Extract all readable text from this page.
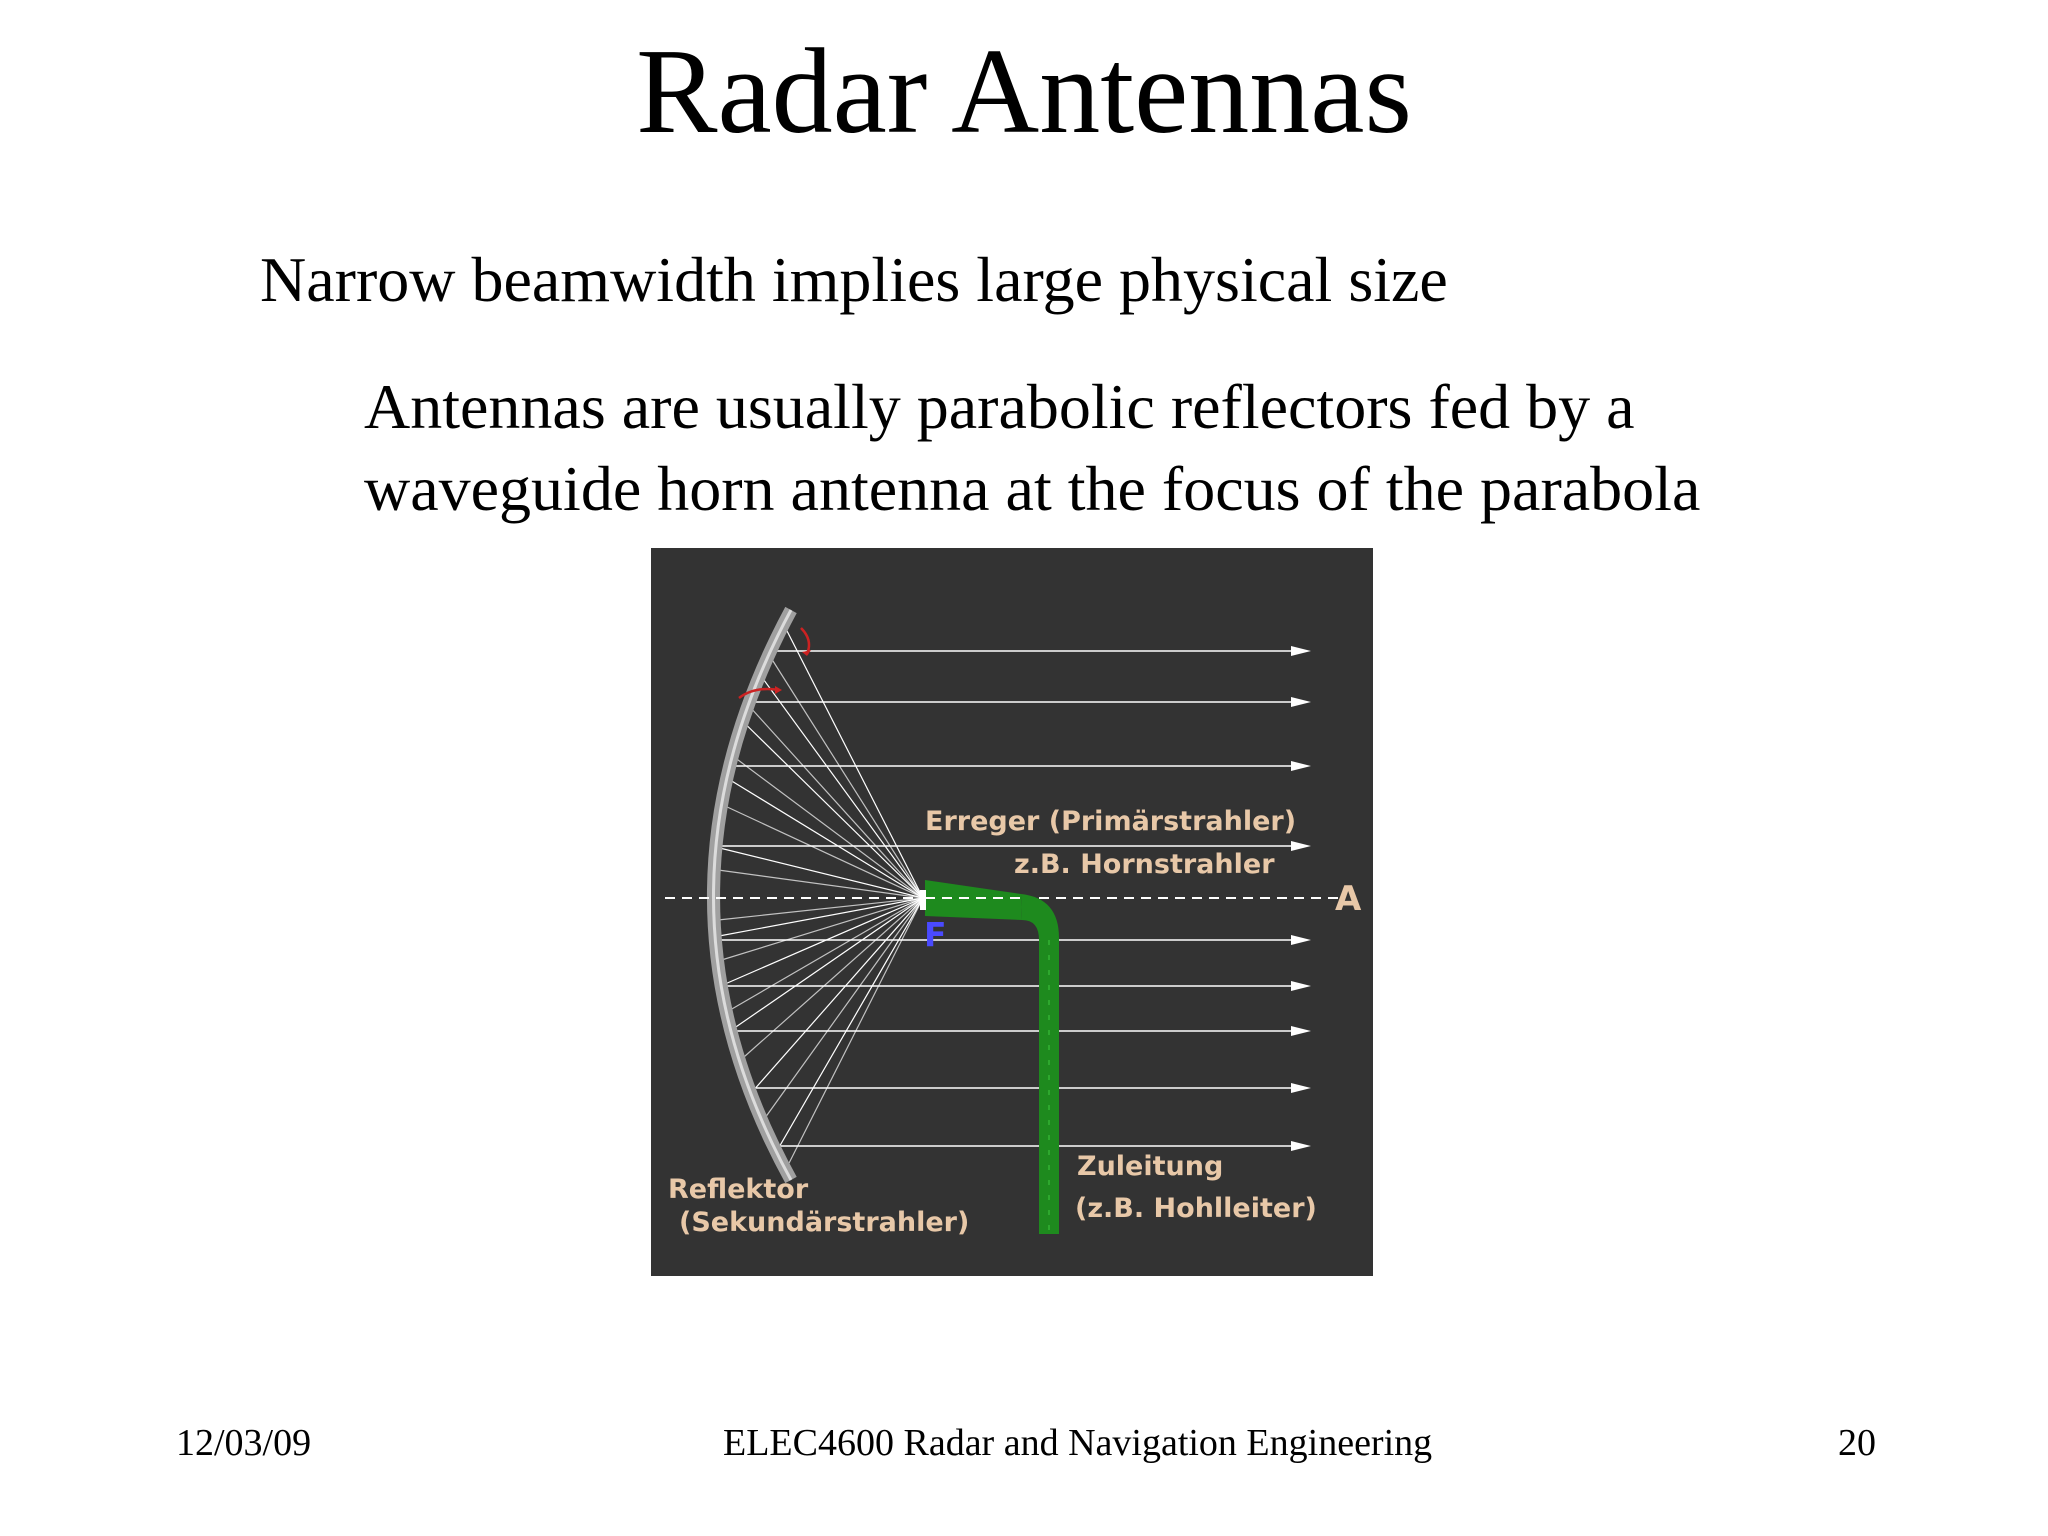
Radar Antennas
Narrow beamwidth implies large physical size
Antennas are usually parabolic reflectors fed by a
waveguide horn antenna at the focus of the parabola
Erreger (Primärstrahler)
z.B. Hornstrahler
A
F
Reflektor
(Sekundärstrahler)
Zuleitung
(z.B. Hohlleiter)
12/03/09	ELEC4600 Radar and Navigation Engineering	20
